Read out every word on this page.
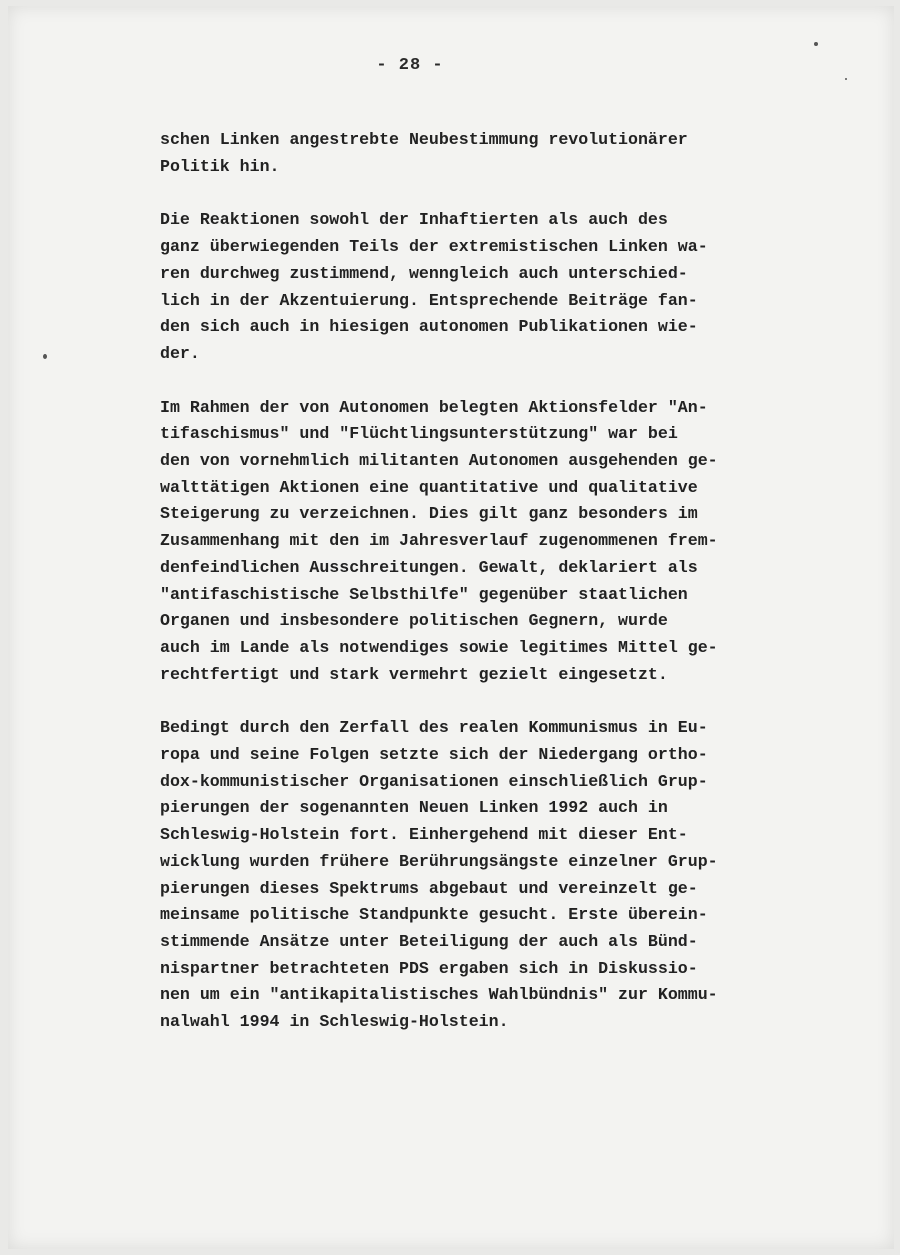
- 28 -

schen Linken angestrebte Neubestimmung revolutionärer
Politik hin.

Die Reaktionen sowohl der Inhaftierten als auch des
ganz überwiegenden Teils der extremistischen Linken wa-
ren durchweg zustimmend, wenngleich auch unterschied-
lich in der Akzentuierung. Entsprechende Beiträge fan-
den sich auch in hiesigen autonomen Publikationen wie-
der.

Im Rahmen der von Autonomen belegten Aktionsfelder "An-
tifaschismus" und "Flüchtlingsunterstützung" war bei
den von vornehmlich militanten Autonomen ausgehenden ge-
walttätigen Aktionen eine quantitative und qualitative
Steigerung zu verzeichnen. Dies gilt ganz besonders im
Zusammenhang mit den im Jahresverlauf zugenommenen frem-
denfeindlichen Ausschreitungen. Gewalt, deklariert als
"antifaschistische Selbsthilfe" gegenüber staatlichen
Organen und insbesondere politischen Gegnern, wurde
auch im Lande als notwendiges sowie legitimes Mittel ge-
rechtfertigt und stark vermehrt gezielt eingesetzt.

Bedingt durch den Zerfall des realen Kommunismus in Eu-
ropa und seine Folgen setzte sich der Niedergang ortho-
dox-kommunistischer Organisationen einschließlich Grup-
pierungen der sogenannten Neuen Linken 1992 auch in
Schleswig-Holstein fort. Einhergehend mit dieser Ent-
wicklung wurden frühere Berührungsängste einzelner Grup-
pierungen dieses Spektrums abgebaut und vereinzelt ge-
meinsame politische Standpunkte gesucht. Erste überein-
stimmende Ansätze unter Beteiligung der auch als Bünd-
nispartner betrachteten PDS ergaben sich in Diskussio-
nen um ein "antikapitalistisches Wahlbündnis" zur Kommu-
nalwahl 1994 in Schleswig-Holstein.
